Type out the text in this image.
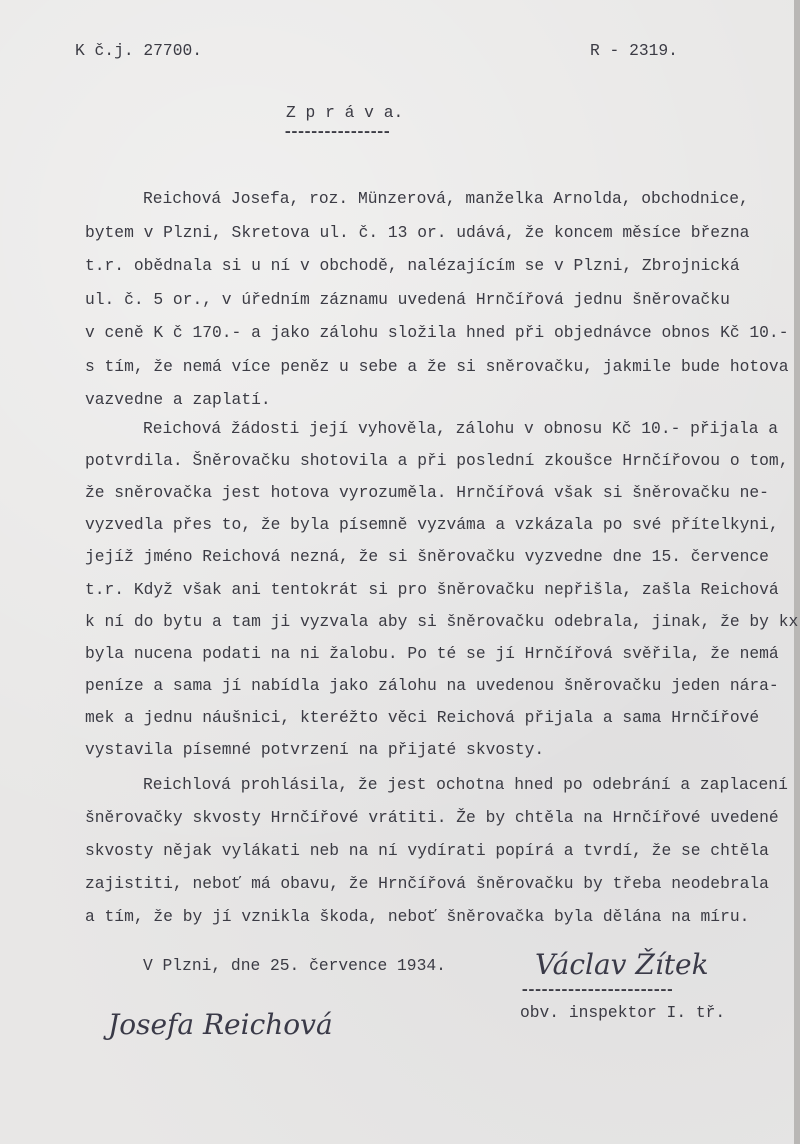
K č.j. 27700.	R - 2319.
Z p r á v a.
----------------
Reichová Josefa, roz. Münzerová, manželka Arnolda, obchodnice,
bytem v Plzni, Skretova ul. č. 13 or. udává, že koncem měsíce března
t.r. obědnala si u ní v obchodě, nalézajícím se v Plzni, Zbrojnická
ul. č. 5 or., v úředním záznamu uvedená Hrnčířová jednu šněrovačku
v ceně K č 170.- a jako zálohu složila hned při objednávce obnos Kč 10.-
s tím, že nemá více peněz u sebe a že si sněrovačku, jakmile bude hotova
vazvedne a zaplatí.
Reichová žádosti její vyhověla, zálohu v obnosu Kč 10.- přijala a
potvrdila. Šněrovačku shotovila a při poslední zkoušce Hrnčířovou o tom,
že sněrovačka jest hotova vyrozuměla. Hrnčířová však si šněrovačku ne-
vyzvedla přes to, že byla písemně vyzváma a vzkázala po své přítelkyni,
jejíž jméno Reichová nezná, že si šněrovačku vyzvedne dne 15. července
t.r. Když však ani tentokrát si pro šněrovačku nepřišla, zašla Reichová
k ní do bytu a tam ji vyzvala aby si šněrovačku odebrala, jinak, že by kx
byla nucena podati na ni žalobu. Po té se jí Hrnčířová svěřila, že nemá
peníze a sama jí nabídla jako zálohu na uvedenou šněrovačku jeden nára-
mek a jednu náušnici, kteréžto věci Reichová přijala a sama Hrnčířové
vystavila písemné potvrzení na přijaté skvosty.
Reichlová prohlásila, že jest ochotna hned po odebrání a zaplacení
šněrovačky skvosty Hrnčířové vrátiti. Že by chtěla na Hrnčířové uvedené
skvosty nějak vylákati neb na ní vydírati popírá a tvrdí, že se chtěla
zajistiti, neboť má obavu, že Hrnčířová šněrovačku by třeba neodebrala
a tím, že by jí vznikla škoda, neboť šněrovačka byla dělána na míru.
V Plzni, dne 25. července 1934.
Josefa Reichová
Václav Žítek
-----------------------
obv. inspektor I. tř.
